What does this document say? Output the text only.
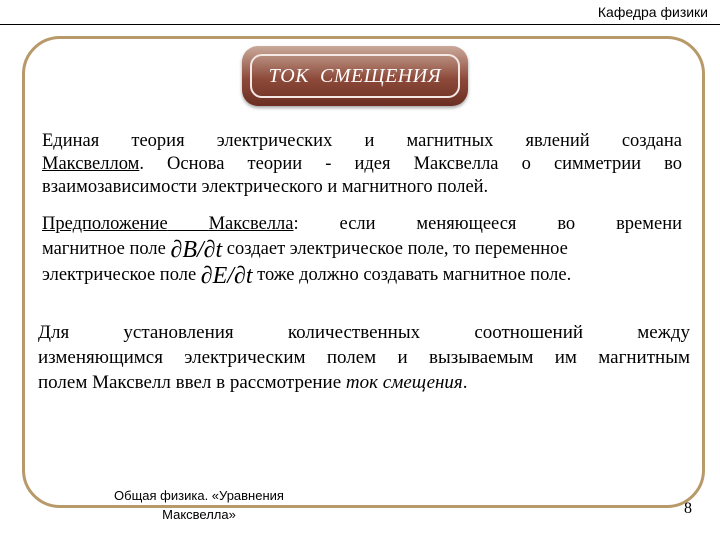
Кафедра физики
ТОК  СМЕЩЕНИЯ
Единая теория электрических и магнитных явлений создана
Максвеллом. Основа теории - идея Максвелла о симметрии во
взаимозависимости электрического и магнитного полей.
Предположение Максвелла: если меняющееся во времени
магнитное поле ∂B/∂t создает электрическое поле, то переменное
электрическое поле ∂E/∂t тоже должно создавать магнитное поле.
Для установления количественных соотношений между
изменяющимся электрическим полем и вызываемым им магнитным
полем Максвелл ввел в рассмотрение ток смещения.
Общая физика. «Уравнения
Максвелла»	8
